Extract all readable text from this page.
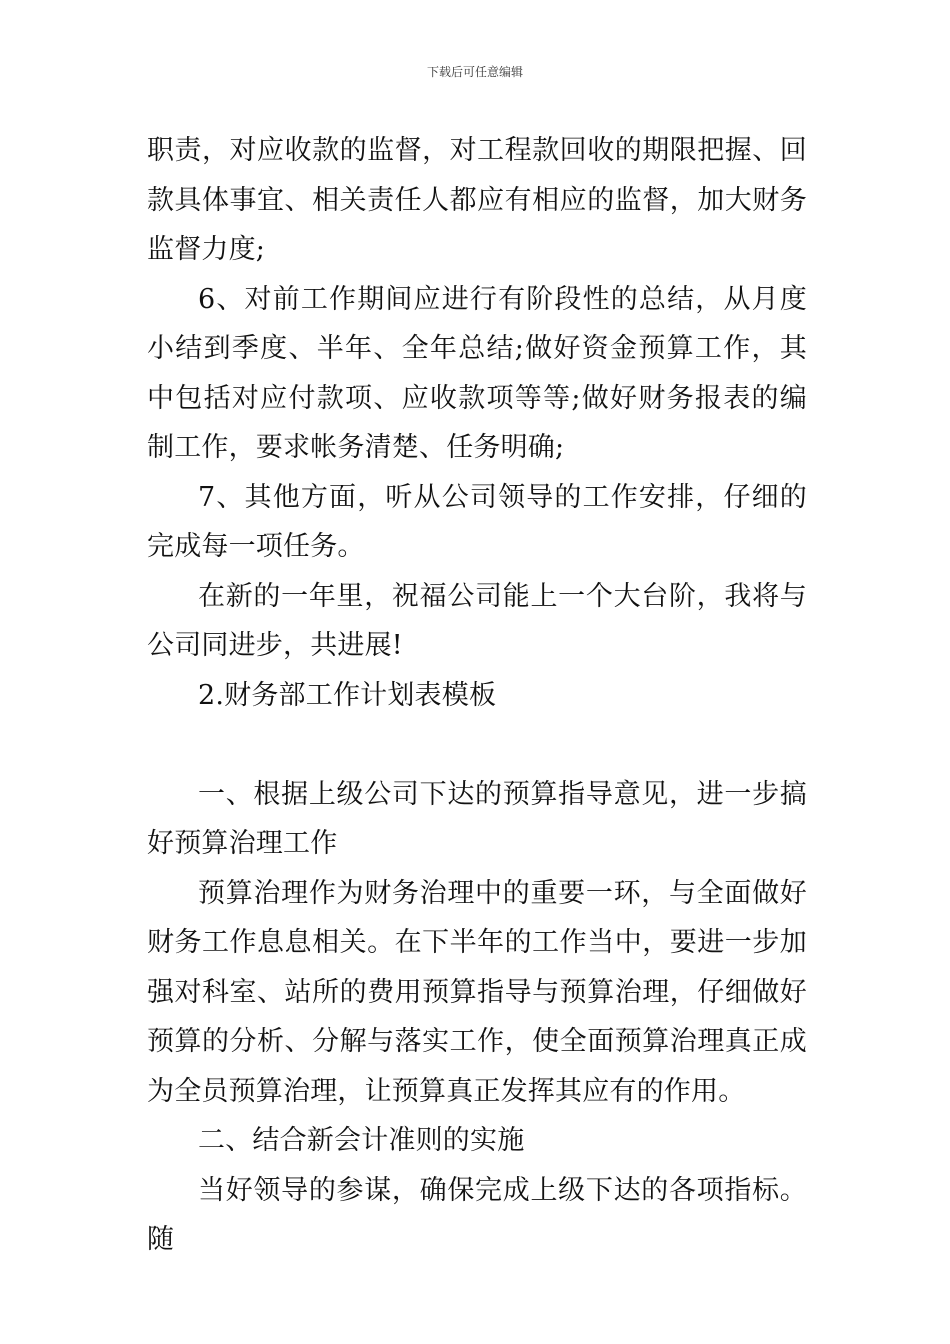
下载后可任意编辑

职责，对应收款的监督，对工程款回收的期限把握、回款具体事宜、相关责任人都应有相应的监督，加大财务监督力度;

6、对前工作期间应进行有阶段性的总结，从月度小结到季度、半年、全年总结;做好资金预算工作，其中包括对应付款项、应收款项等等;做好财务报表的编制工作，要求帐务清楚、任务明确;

7、其他方面，听从公司领导的工作安排，仔细的完成每一项任务。

在新的一年里，祝福公司能上一个大台阶，我将与公司同进步，共进展!

2.财务部工作计划表模板

一、根据上级公司下达的预算指导意见，进一步搞好预算治理工作

预算治理作为财务治理中的重要一环，与全面做好财务工作息息相关。在下半年的工作当中，要进一步加强对科室、站所的费用预算指导与预算治理，仔细做好预算的分析、分解与落实工作，使全面预算治理真正成为全员预算治理，让预算真正发挥其应有的作用。

二、结合新会计准则的实施

当好领导的参谋，确保完成上级下达的各项指标。随
